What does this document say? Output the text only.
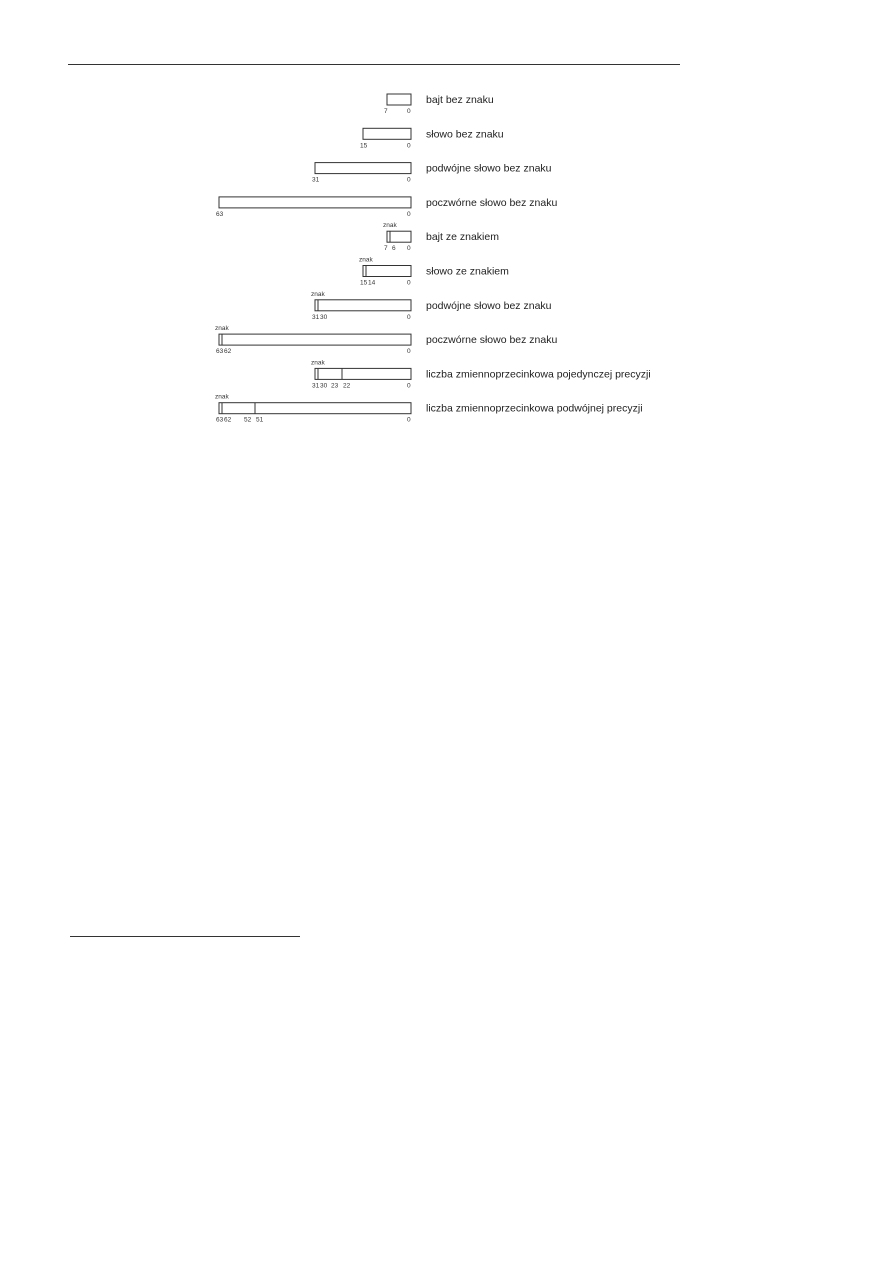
7	0
bajt bez znaku
15	0
słowo bez znaku
31	0
podwójne słowo bez znaku
63	0
poczwórne słowo bez znaku
znak
7 6 0
bajt ze znakiem
znak
15 14	0
słowo ze znakiem
znak
31 30	0
podwójne słowo bez znaku
znak
63 62	0
poczwórne słowo bez znaku
znak
31 30 23 22	0
liczba zmiennoprzecinkowa pojedynczej precyzji
znak
63 62 52 51	0
liczba zmiennoprzecinkowa podwójnej precyzji
